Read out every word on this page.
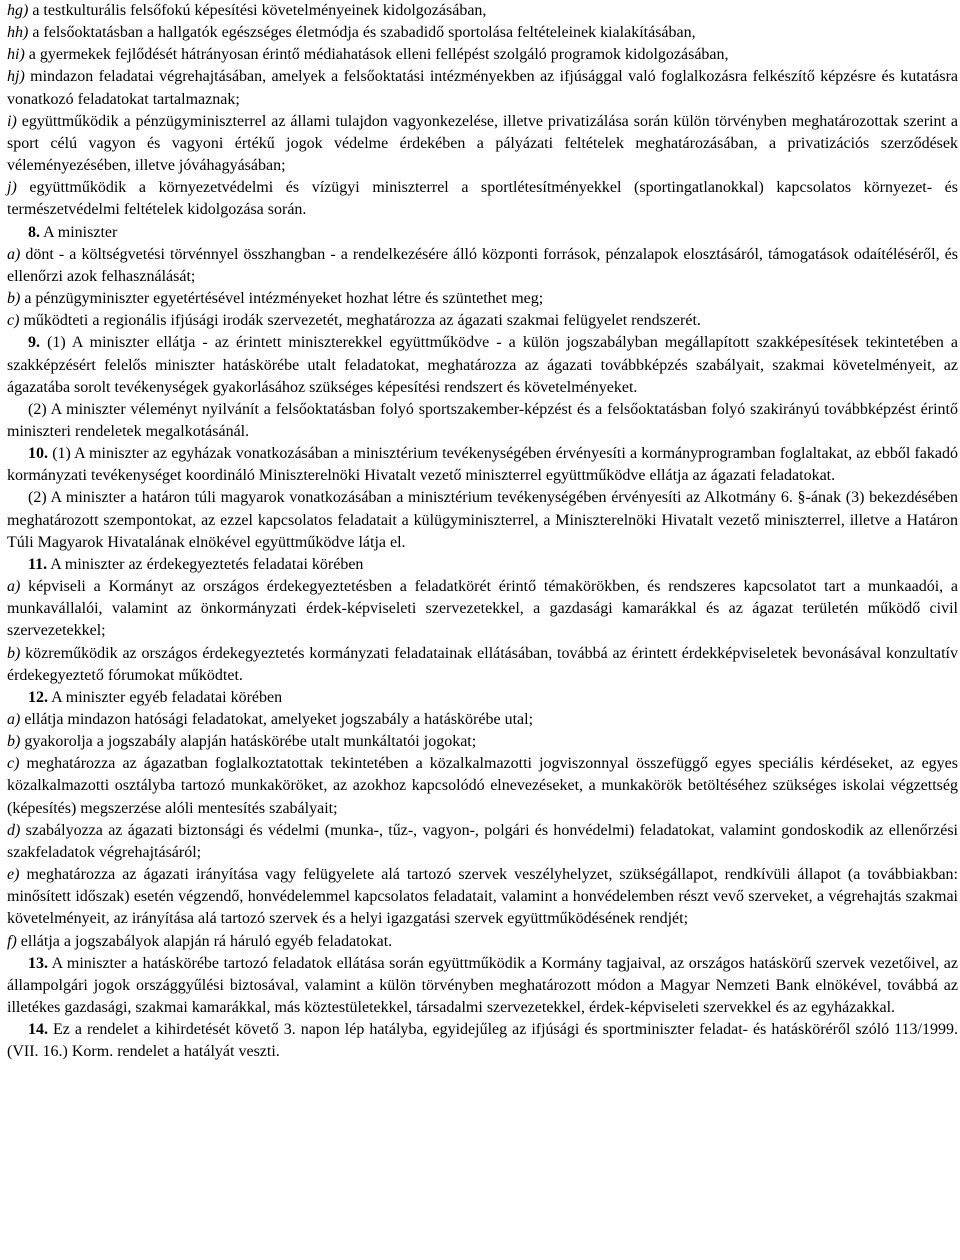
hg) a testkulturális felsőfokú képesítési követelményeinek kidolgozásában,

hh) a felsőoktatásban a hallgatók egészséges életmódja és szabadidő sportolása feltételeinek kialakításában,

hi) a gyermekek fejlődését hátrányosan érintő médiahatások elleni fellépést szolgáló programok kidolgozásában,

hj) mindazon feladatai végrehajtásában, amelyek a felsőoktatási intézményekben az ifjúsággal való foglalkozásra felkészítő képzésre és kutatásra vonatkozó feladatokat tartalmaznak;

i) együttműködik a pénzügyminiszterrel az állami tulajdon vagyonkezelése, illetve privatizálása során külön törvényben meghatározottak szerint a sport célú vagyon és vagyoni értékű jogok védelme érdekében a pályázati feltételek meghatározásában, a privatizációs szerződések véleményezésében, illetve jóváhagyásában;

j) együttműködik a környezetvédelmi és vízügyi miniszterrel a sportlétesítményekkel (sportingatlanokkal) kapcsolatos környezet- és természetvédelmi feltételek kidolgozása során.

8. A miniszter

a) dönt - a költségvetési törvénnyel összhangban - a rendelkezésére álló központi források, pénzalapok elosztásáról, támogatások odaítéléséről, és ellenőrzi azok felhasználását;

b) a pénzügyminiszter egyetértésével intézményeket hozhat létre és szüntethet meg;

c) működteti a regionális ifjúsági irodák szervezetét, meghatározza az ágazati szakmai felügyelet rendszerét.

9. (1) A miniszter ellátja - az érintett miniszterekkel együttműködve - a külön jogszabályban megállapított szakképesítések tekintetében a szakképzésért felelős miniszter hatáskörébe utalt feladatokat, meghatározza az ágazati továbbképzés szabályait, szakmai követelményeit, az ágazatába sorolt tevékenységek gyakorlásához szükséges képesítési rendszert és követelményeket.

(2) A miniszter véleményt nyilvánít a felsőoktatásban folyó sportszakember-képzést és a felsőoktatásban folyó szakirányú továbbképzést érintő miniszteri rendeletek megalkotásánál.

10. (1) A miniszter az egyházak vonatkozásában a minisztérium tevékenységében érvényesíti a kormányprogramban foglaltakat, az ebből fakadó kormányzati tevékenységet koordináló Miniszterelnöki Hivatalt vezető miniszterrel együttműködve ellátja az ágazati feladatokat.

(2) A miniszter a határon túli magyarok vonatkozásában a minisztérium tevékenységében érvényesíti az Alkotmány 6. §-ának (3) bekezdésében meghatározott szempontokat, az ezzel kapcsolatos feladatait a külügyminiszterrel, a Miniszterelnöki Hivatalt vezető miniszterrel, illetve a Határon Túli Magyarok Hivatalának elnökével együttműködve látja el.

11. A miniszter az érdekegyeztetés feladatai körében

a) képviseli a Kormányt az országos érdekegyeztetésben a feladatkörét érintő témakörökben, és rendszeres kapcsolatot tart a munkaadói, a munkavállalói, valamint az önkormányzati érdek-képviseleti szervezetekkel, a gazdasági kamarákkal és az ágazat területén működő civil szervezetekkel;

b) közreműködik az országos érdekegyeztetés kormányzati feladatainak ellátásában, továbbá az érintett érdekképviseletek bevonásával konzultatív érdekegyeztető fórumokat működtet.

12. A miniszter egyéb feladatai körében

a) ellátja mindazon hatósági feladatokat, amelyeket jogszabály a hatáskörébe utal;

b) gyakorolja a jogszabály alapján hatáskörébe utalt munkáltatói jogokat;

c) meghatározza az ágazatban foglalkoztatottak tekintetében a közalkalmazotti jogviszonnyal összefüggő egyes speciális kérdéseket, az egyes közalkalmazotti osztályba tartozó munkaköröket, az azokhoz kapcsolódó elnevezéseket, a munkakörök betöltéséhez szükséges iskolai végzettség (képesítés) megszerzése alóli mentesítés szabályait;

d) szabályozza az ágazati biztonsági és védelmi (munka-, tűz-, vagyon-, polgári és honvédelmi) feladatokat, valamint gondoskodik az ellenőrzési szakfeladatok végrehajtásáról;

e) meghatározza az ágazati irányítása vagy felügyelete alá tartozó szervek veszélyhelyzet, szükségállapot, rendkívüli állapot (a továbbiakban: minősített időszak) esetén végzendő, honvédelemmel kapcsolatos feladatait, valamint a honvédelemben részt vevő szerveket, a végrehajtás szakmai követelményeit, az irányítása alá tartozó szervek és a helyi igazgatási szervek együttműködésének rendjét;

f) ellátja a jogszabályok alapján rá háruló egyéb feladatokat.

13. A miniszter a hatáskörébe tartozó feladatok ellátása során együttműködik a Kormány tagjaival, az országos hatáskörű szervek vezetőivel, az állampolgári jogok országgyűlési biztosával, valamint a külön törvényben meghatározott módon a Magyar Nemzeti Bank elnökével, továbbá az illetékes gazdasági, szakmai kamarákkal, más köztestületekkel, társadalmi szervezetekkel, érdek-képviseleti szervekkel és az egyházakkal.

14. Ez a rendelet a kihirdetését követő 3. napon lép hatályba, egyidejűleg az ifjúsági és sportminiszter feladat- és hatásköréről szóló 113/1999. (VII. 16.) Korm. rendelet a hatályát veszti.
